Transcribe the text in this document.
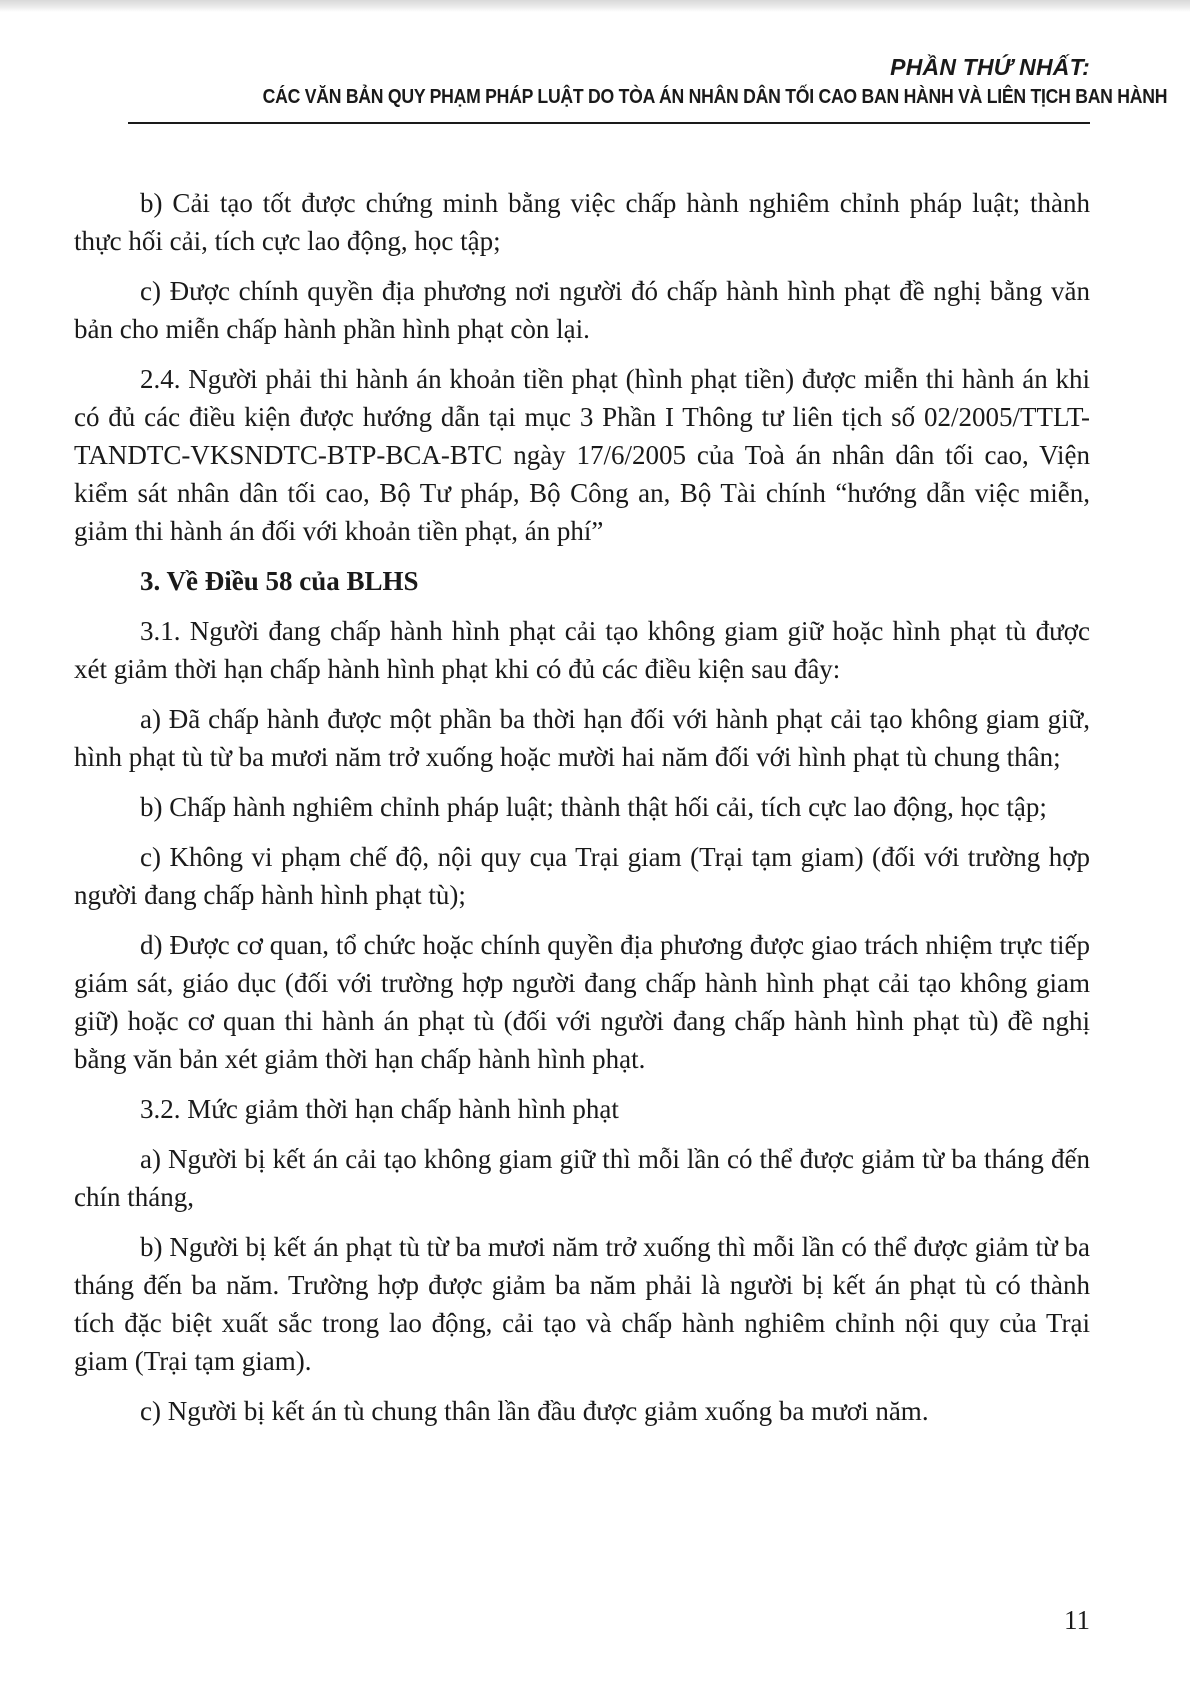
PHẦN THỨ NHẤT:
CÁC VĂN BẢN QUY PHẠM PHÁP LUẬT DO TÒA ÁN NHÂN DÂN TỐI CAO BAN HÀNH VÀ LIÊN TỊCH BAN HÀNH

b) Cải tạo tốt được chứng minh bằng việc chấp hành nghiêm chỉnh pháp luật; thành thực hối cải, tích cực lao động, học tập;

c) Được chính quyền địa phương nơi người đó chấp hành hình phạt đề nghị bằng văn bản cho miễn chấp hành phần hình phạt còn lại.

2.4. Người phải thi hành án khoản tiền phạt (hình phạt tiền) được miễn thi hành án khi có đủ các điều kiện được hướng dẫn tại mục 3 Phần I Thông tư liên tịch số 02/2005/TTLT-TANDTC-VKSNDTC-BTP-BCA-BTC ngày 17/6/2005 của Toà án nhân dân tối cao, Viện kiểm sát nhân dân tối cao, Bộ Tư pháp, Bộ Công an, Bộ Tài chính “hướng dẫn việc miễn, giảm thi hành án đối với khoản tiền phạt, án phí”

3. Về Điều 58 của BLHS

3.1. Người đang chấp hành hình phạt cải tạo không giam giữ hoặc hình phạt tù được xét giảm thời hạn chấp hành hình phạt khi có đủ các điều kiện sau đây:

a) Đã chấp hành được một phần ba thời hạn đối với hành phạt cải tạo không giam giữ, hình phạt tù từ ba mươi năm trở xuống hoặc mười hai năm đối với hình phạt tù chung thân;

b) Chấp hành nghiêm chỉnh pháp luật; thành thật hối cải, tích cực lao động, học tập;

c) Không vi phạm chế độ, nội quy cụa Trại giam (Trại tạm giam) (đối với trường hợp người đang chấp hành hình phạt tù);

d) Được cơ quan, tổ chức hoặc chính quyền địa phương được giao trách nhiệm trực tiếp giám sát, giáo dục (đối với trường hợp người đang chấp hành hình phạt cải tạo không giam giữ) hoặc cơ quan thi hành án phạt tù (đối với người đang chấp hành hình phạt tù) đề nghị bằng văn bản xét giảm thời hạn chấp hành hình phạt.

3.2. Mức giảm thời hạn chấp hành hình phạt

a) Người bị kết án cải tạo không giam giữ thì mỗi lần có thể được giảm từ ba tháng đến chín tháng,

b) Người bị kết án phạt tù từ ba mươi năm trở xuống thì mỗi lần có thể được giảm từ ba tháng đến ba năm. Trường hợp được giảm ba năm phải là người bị kết án phạt tù có thành tích đặc biệt xuất sắc trong lao động, cải tạo và chấp hành nghiêm chỉnh nội quy của Trại giam (Trại tạm giam).

c) Người bị kết án tù chung thân lần đầu được giảm xuống ba mươi năm.

11
